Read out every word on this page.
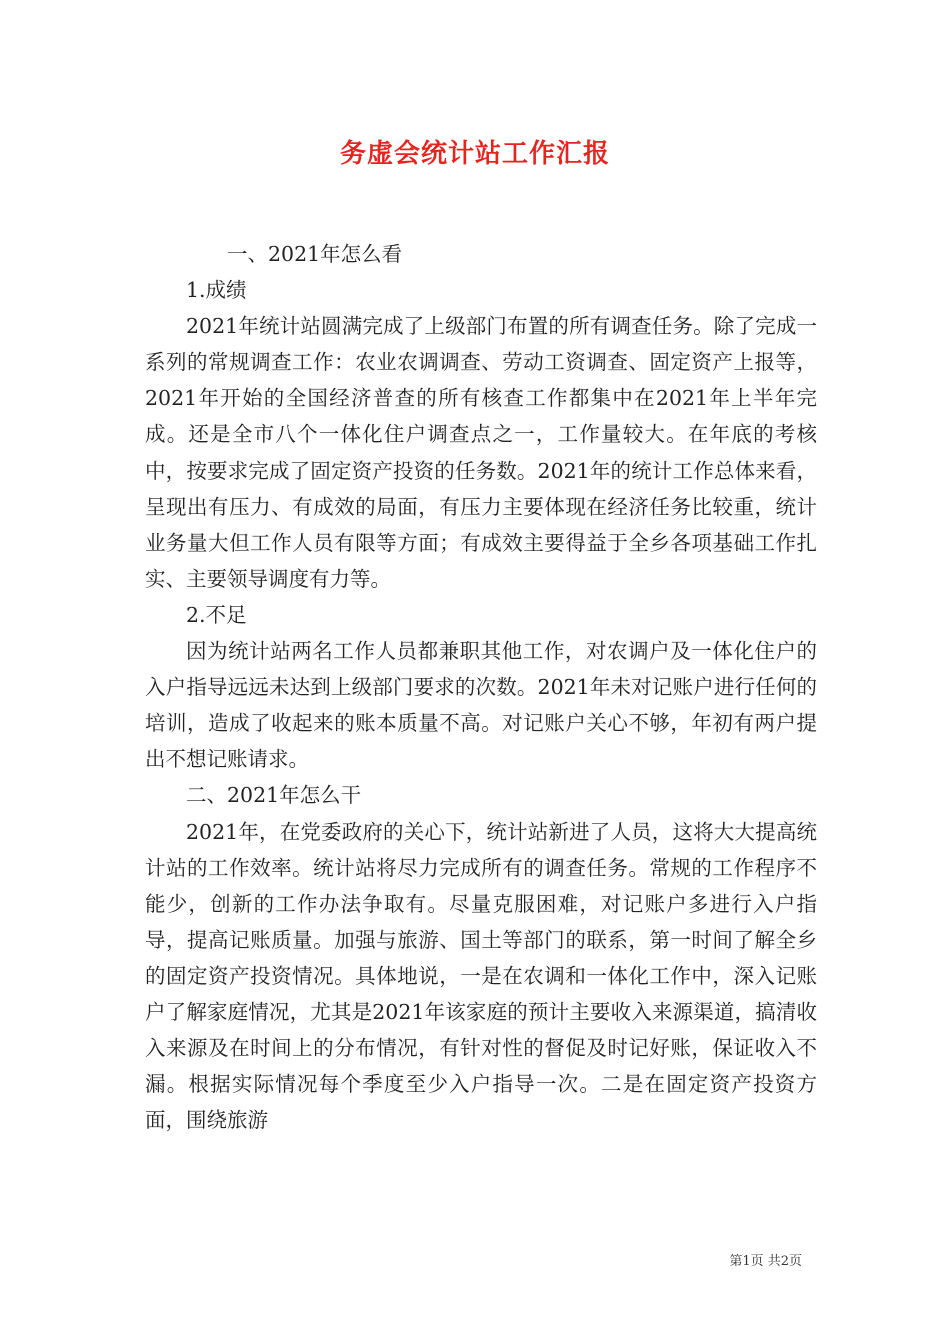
务虚会统计站工作汇报

一、2021年怎么看

1.成绩

2021年统计站圆满完成了上级部门布置的所有调查任务。除了完成一系列的常规调查工作：农业农调调查、劳动工资调查、固定资产上报等，2021年开始的全国经济普查的所有核查工作都集中在2021年上半年完成。还是全市八个一体化住户调查点之一，工作量较大。在年底的考核中，按要求完成了固定资产投资的任务数。2021年的统计工作总体来看，呈现出有压力、有成效的局面，有压力主要体现在经济任务比较重，统计业务量大但工作人员有限等方面；有成效主要得益于全乡各项基础工作扎实、主要领导调度有力等。

2.不足

因为统计站两名工作人员都兼职其他工作，对农调户及一体化住户的入户指导远远未达到上级部门要求的次数。2021年未对记账户进行任何的培训，造成了收起来的账本质量不高。对记账户关心不够，年初有两户提出不想记账请求。

二、2021年怎么干

2021年，在党委政府的关心下，统计站新进了人员，这将大大提高统计站的工作效率。统计站将尽力完成所有的调查任务。常规的工作程序不能少，创新的工作办法争取有。尽量克服困难，对记账户多进行入户指导，提高记账质量。加强与旅游、国土等部门的联系，第一时间了解全乡的固定资产投资情况。具体地说，一是在农调和一体化工作中，深入记账户了解家庭情况，尤其是2021年该家庭的预计主要收入来源渠道，搞清收入来源及在时间上的分布情况，有针对性的督促及时记好账，保证收入不漏。根据实际情况每个季度至少入户指导一次。二是在固定资产投资方面，围绕旅游

第1页 共2页
